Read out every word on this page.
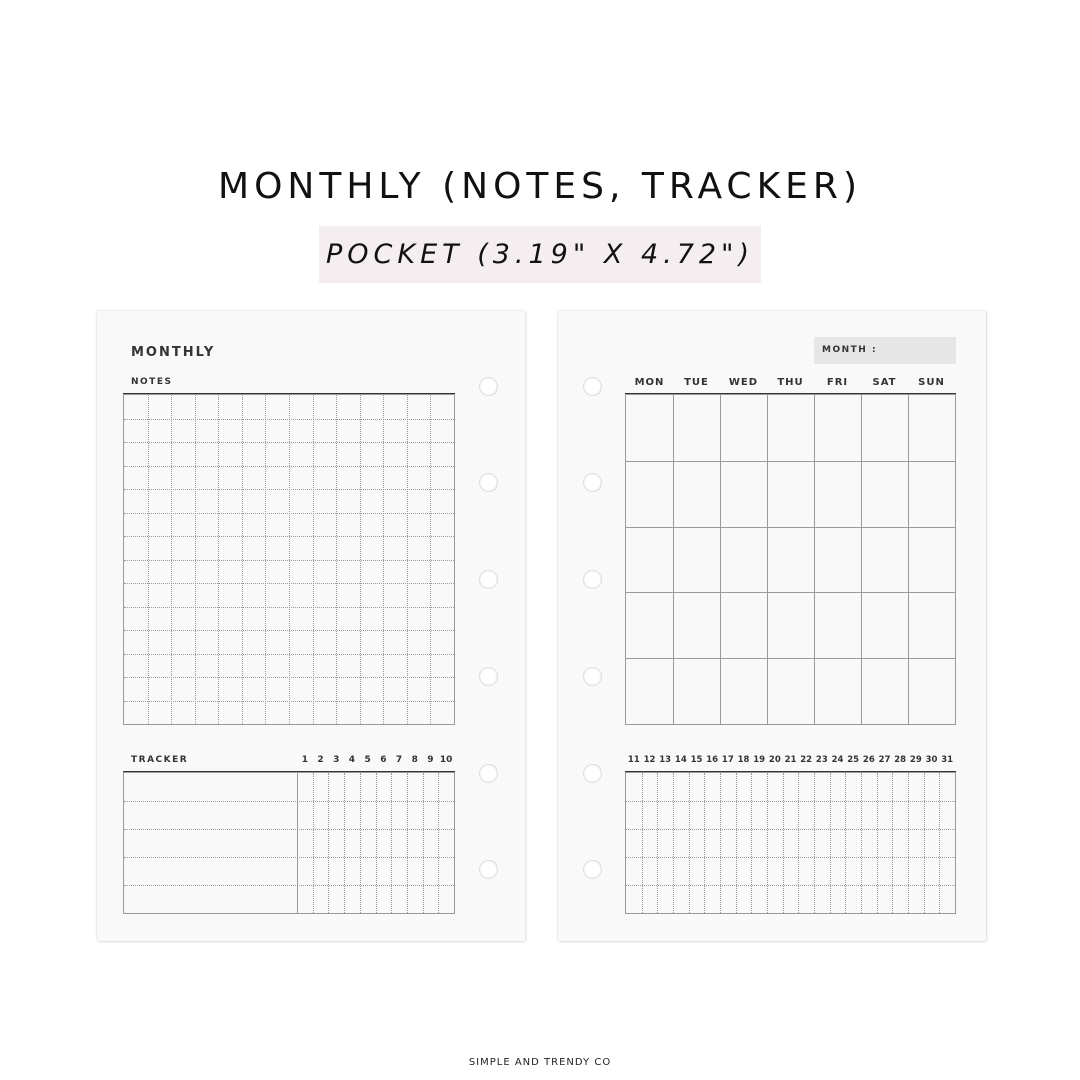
MONTHLY (NOTES, TRACKER)
POCKET (3.19" X 4.72")
MONTHLY
NOTES
TRACKER	1	2	3	4	5	6	7	8	9 10
MONTH :
MON	TUE	WED	THU	FRI	SAT	SUN
11 12 13 14 15 16 17 18 19 20 21 22 23 24 25 26 27 28 29 30 31
SIMPLE AND TRENDY CO
